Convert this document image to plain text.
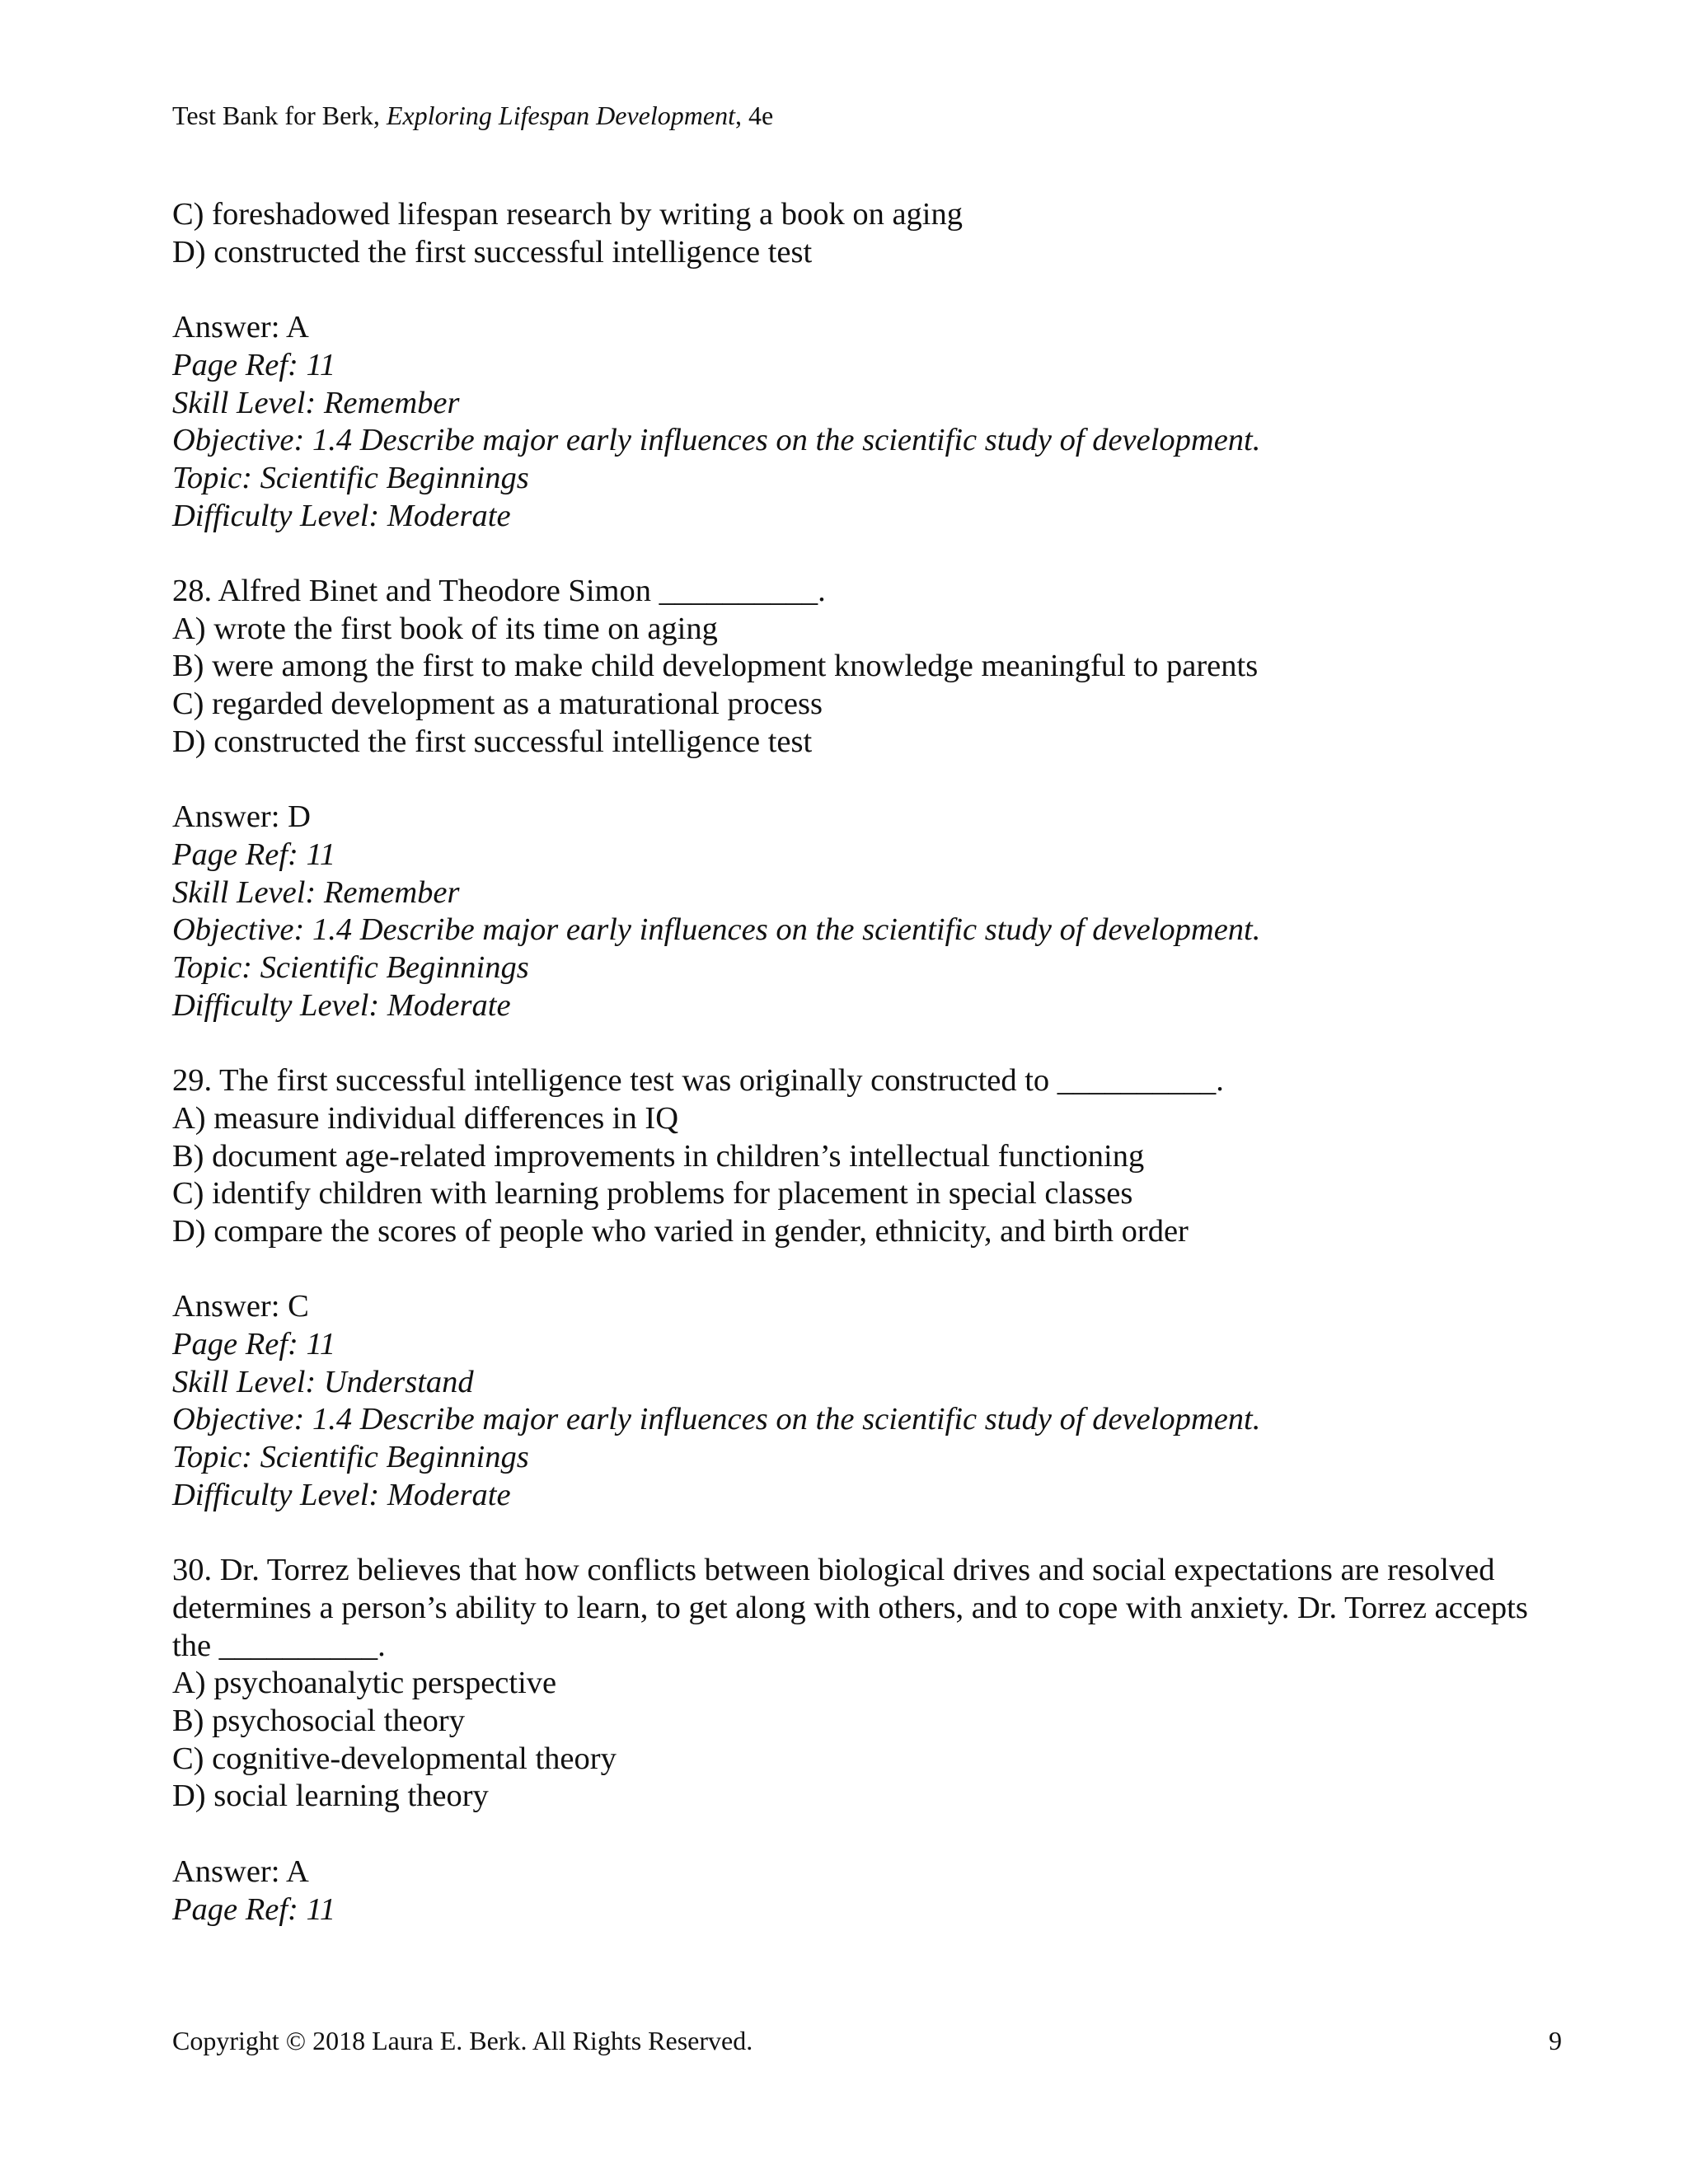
Test Bank for Berk, Exploring Lifespan Development, 4e
C) foreshadowed lifespan research by writing a book on aging
D) constructed the first successful intelligence test
Answer: A
Page Ref: 11
Skill Level: Remember
Objective: 1.4 Describe major early influences on the scientific study of development.
Topic: Scientific Beginnings
Difficulty Level: Moderate
28. Alfred Binet and Theodore Simon __________.
A) wrote the first book of its time on aging
B) were among the first to make child development knowledge meaningful to parents
C) regarded development as a maturational process
D) constructed the first successful intelligence test
Answer: D
Page Ref: 11
Skill Level: Remember
Objective: 1.4 Describe major early influences on the scientific study of development.
Topic: Scientific Beginnings
Difficulty Level: Moderate
29. The first successful intelligence test was originally constructed to __________.
A) measure individual differences in IQ
B) document age-related improvements in children’s intellectual functioning
C) identify children with learning problems for placement in special classes
D) compare the scores of people who varied in gender, ethnicity, and birth order
Answer: C
Page Ref: 11
Skill Level: Understand
Objective: 1.4 Describe major early influences on the scientific study of development.
Topic: Scientific Beginnings
Difficulty Level: Moderate
30. Dr. Torrez believes that how conflicts between biological drives and social expectations are resolved determines a person’s ability to learn, to get along with others, and to cope with anxiety. Dr. Torrez accepts the __________.
A) psychoanalytic perspective
B) psychosocial theory
C) cognitive-developmental theory
D) social learning theory
Answer: A
Page Ref: 11
Copyright © 2018 Laura E. Berk. All Rights Reserved.	9
